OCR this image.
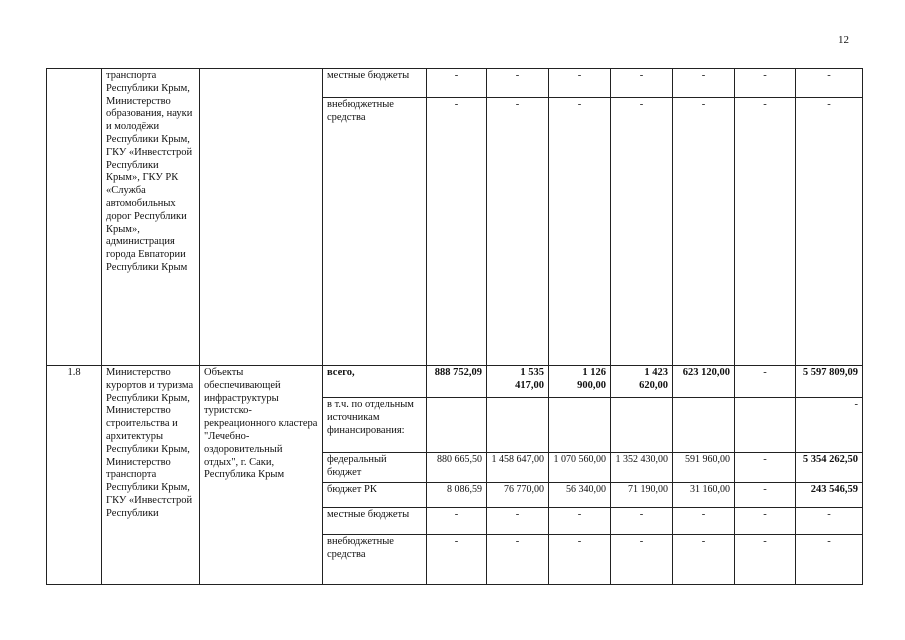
12
	транспорта Республики Крым, Министерство образования, науки и молодёжи Республики Крым, ГКУ «Инвестстрой Республики Крым», ГКУ РК «Служба автомобильных дорог Республики Крым», администрация города Евпатории Республики Крым		местные бюджеты	-	-	-	-	-	-	-
			внебюджетные средства	-	-	-	-	-	-	-
1.8	Министерство курортов и туризма Республики Крым, Министерство строительства и архитектуры Республики Крым, Министерство транспорта Республики Крым, ГКУ «Инвестстрой Республики	Объекты обеспечивающей инфраструктуры туристско-рекреационного кластера "Лечебно-оздоровительный отдых", г. Саки, Республика Крым	всего,	888 752,09	1 535 417,00	1 126 900,00	1 423 620,00	623 120,00	-	5 597 809,09
			в т.ч. по отдельным источникам финансирования:							-
			федеральный бюджет	880 665,50	1 458 647,00	1 070 560,00	1 352 430,00	591 960,00	-	5 354 262,50
			бюджет РК	8 086,59	76 770,00	56 340,00	71 190,00	31 160,00	-	243 546,59
			местные бюджеты	-	-	-	-	-	-	-
			внебюджетные средства	-	-	-	-	-	-	-
